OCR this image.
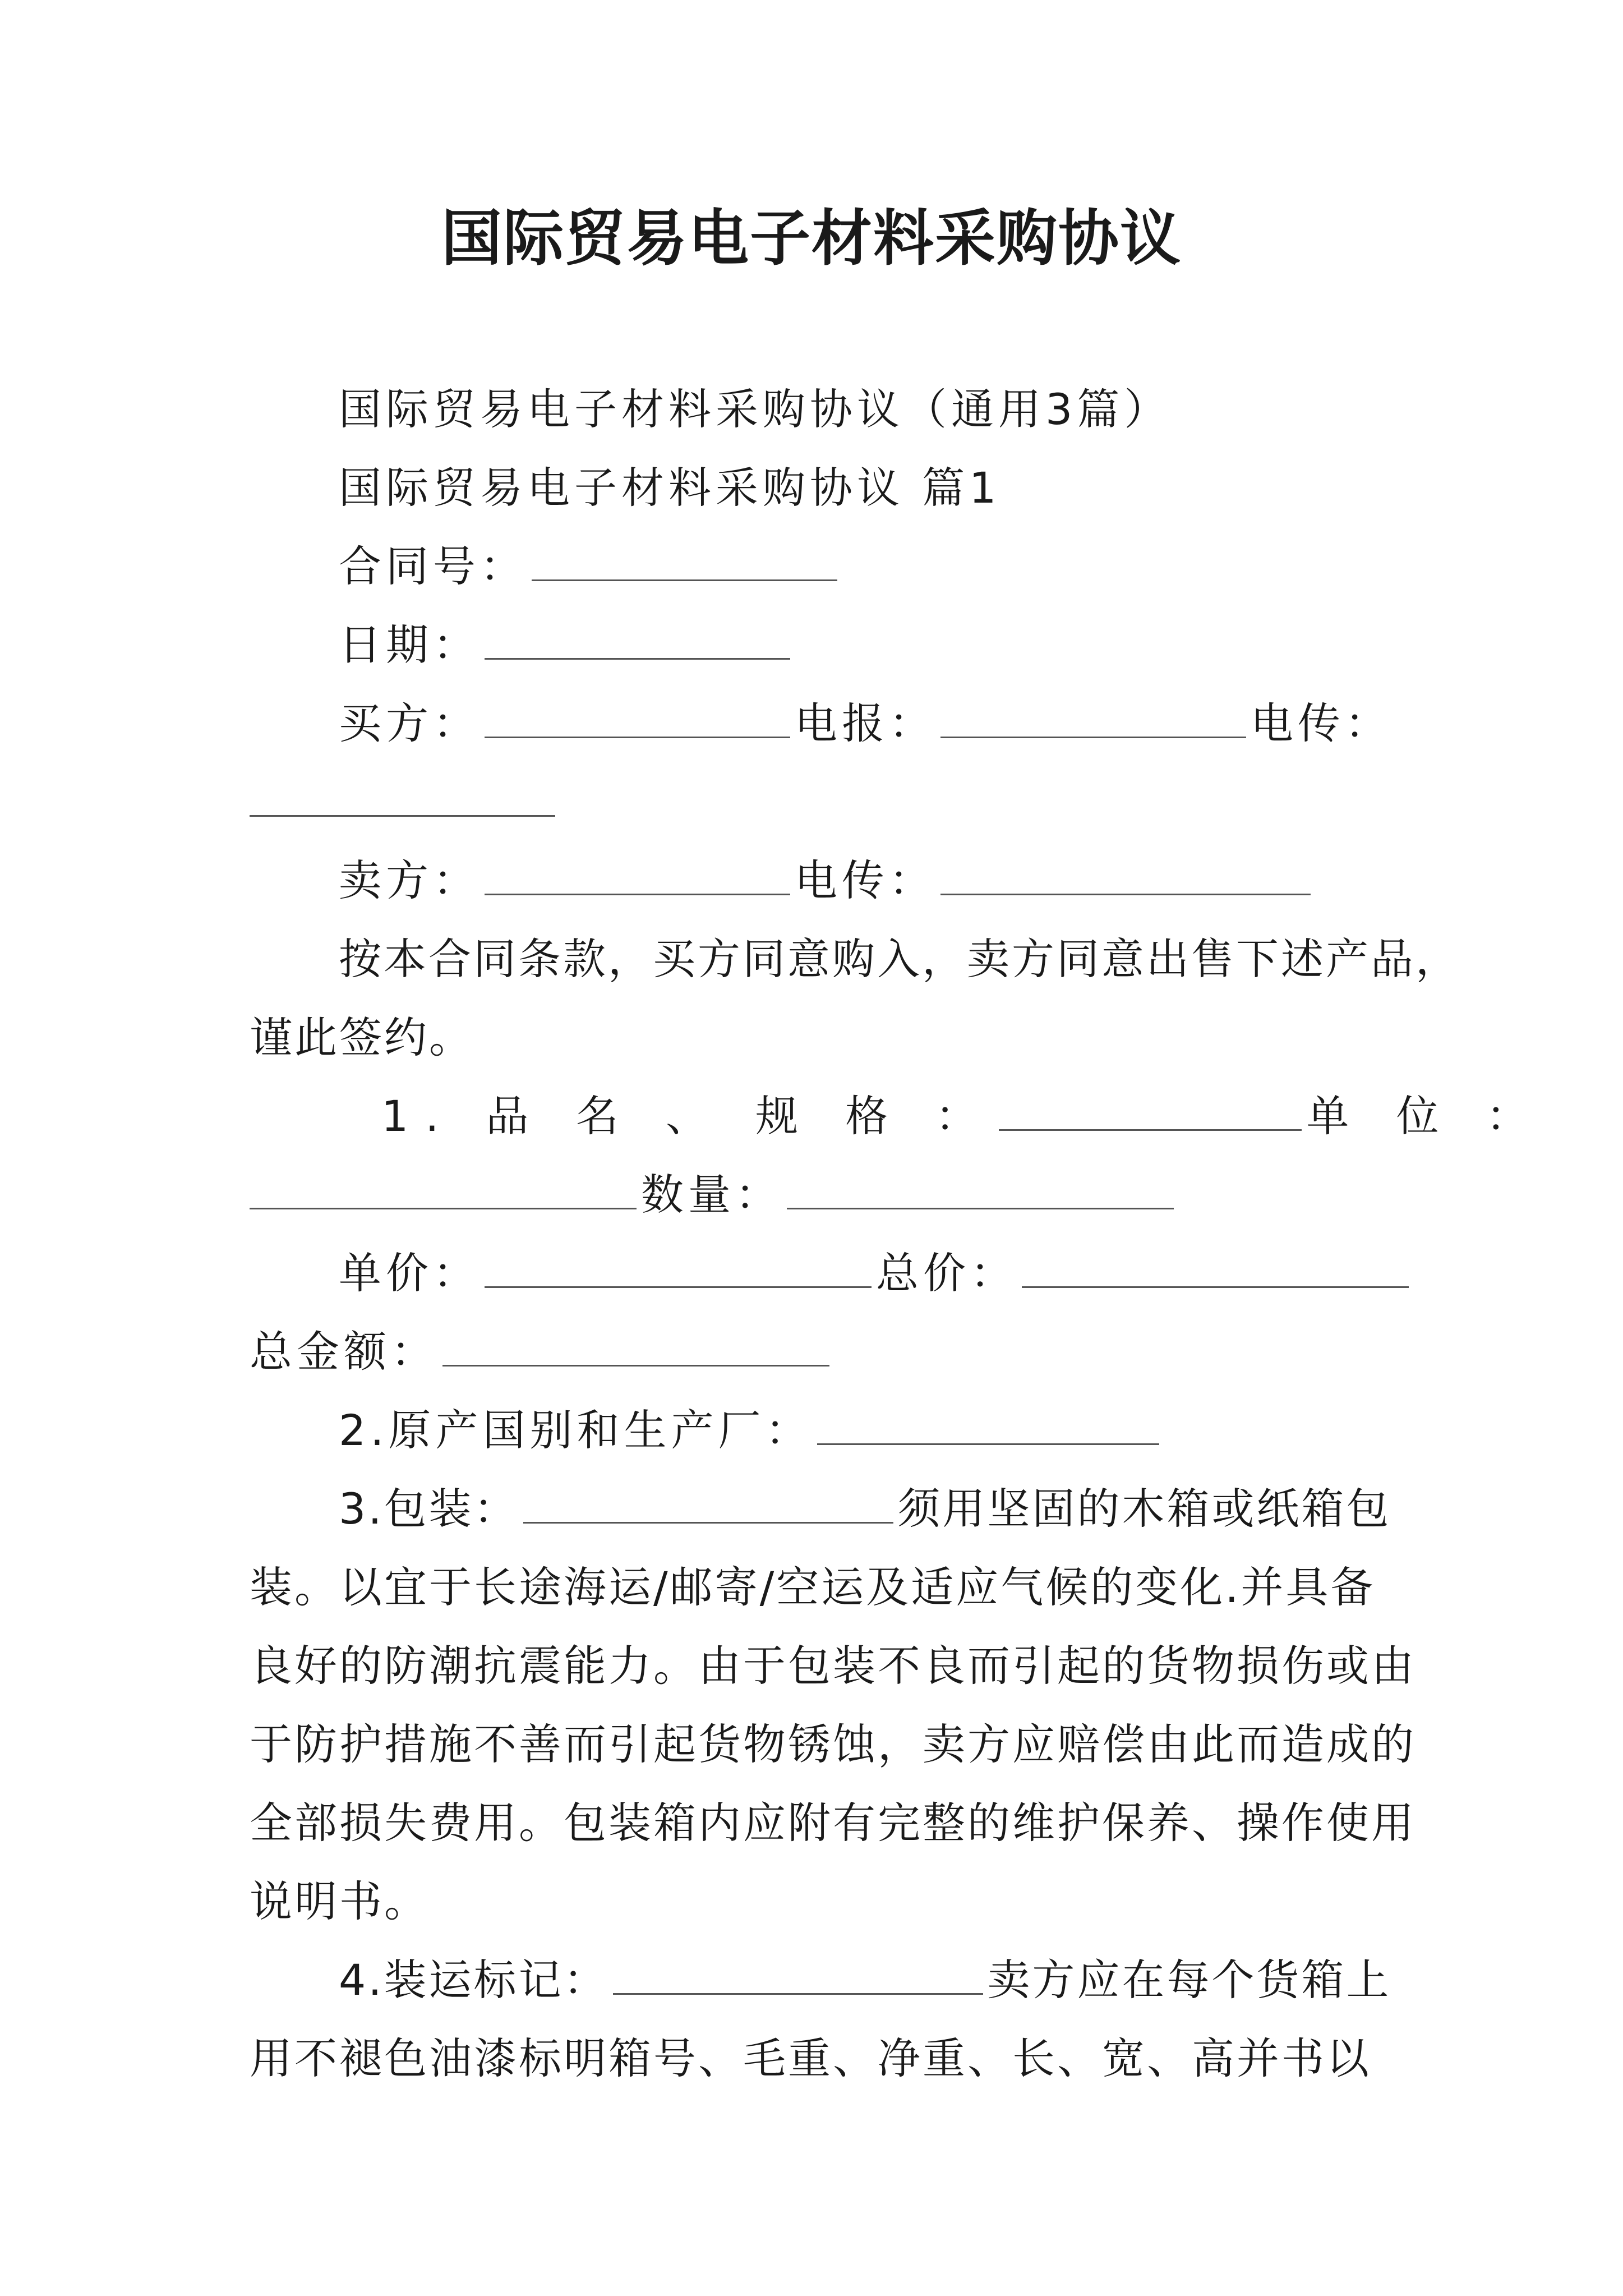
国际贸易电子材料采购协议
国际贸易电子材料采购协议（通用3篇）
国际贸易电子材料采购协议 篇1
合同号：
日期：
买方：	电报：	电传：
卖方：	电传：
按本合同条款，买方同意购入，卖方同意出售下述产品，
谨此签约。
1. 品 名 、 规 格 ：	单 位 ：
数量：
单价：	总价：
总金额：
2.原产国别和生产厂：
3.包装：	须用坚固的木箱或纸箱包
装。以宜于长途海运/邮寄/空运及适应气候的变化.并具备
良好的防潮抗震能力。由于包装不良而引起的货物损伤或由
于防护措施不善而引起货物锈蚀，卖方应赔偿由此而造成的
全部损失费用。包装箱内应附有完整的维护保养、操作使用
说明书。
4.装运标记：	卖方应在每个货箱上
用不褪色油漆标明箱号、毛重、净重、长、宽、高并书以
